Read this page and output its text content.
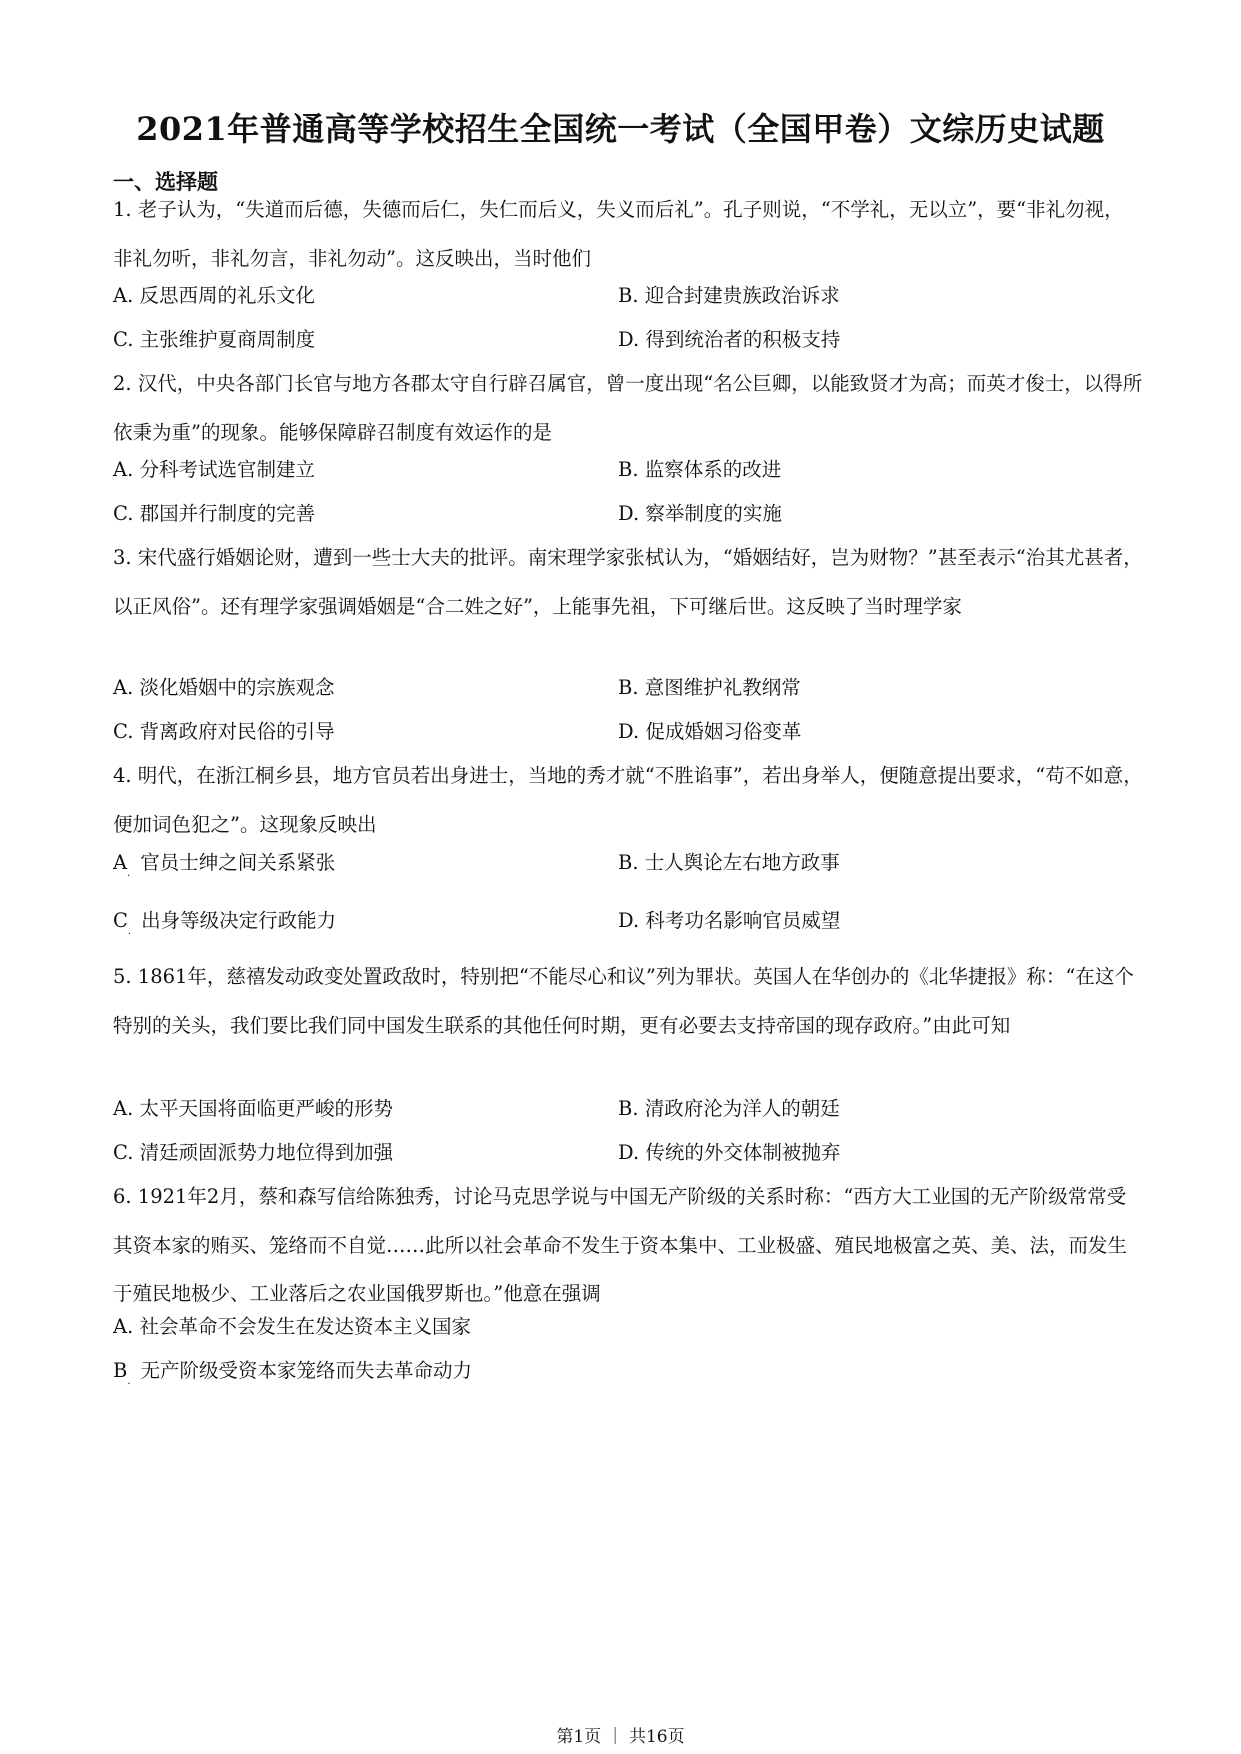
2021年普通高等学校招生全国统一考试（全国甲卷）文综历史试题
一、选择题
1. 老子认为，“失道而后德，失德而后仁，失仁而后义，失义而后礼”。孔子则说，“不学礼，无以立”，要“非礼勿视，非礼勿听，非礼勿言，非礼勿动”。这反映出，当时他们
A. 反思西周的礼乐文化	B. 迎合封建贵族政治诉求
C. 主张维护夏商周制度	D. 得到统治者的积极支持
2. 汉代，中央各部门长官与地方各郡太守自行辟召属官，曾一度出现“名公巨卿，以能致贤才为高；而英才俊士，以得所依秉为重”的现象。能够保障辟召制度有效运作的是
A. 分科考试选官制建立	B. 监察体系的改进
C. 郡国并行制度的完善	D. 察举制度的实施
3. 宋代盛行婚姻论财，遭到一些士大夫的批评。南宋理学家张栻认为，“婚姻结好，岂为财物？”甚至表示“治其尤甚者，以正风俗”。还有理学家强调婚姻是“合二姓之好”，上能事先祖，下可继后世。这反映了当时理学家
A. 淡化婚姻中的宗族观念	B. 意图维护礼教纲常
C. 背离政府对民俗的引导	D. 促成婚姻习俗变革
4. 明代，在浙江桐乡县，地方官员若出身进士，当地的秀才就“不胜谄事”，若出身举人，便随意提出要求，“苟不如意，便加词色犯之”。这现象反映出
$A_\cdot$官员士绅之间关系紧张	B. 士人舆论左右地方政事
$C_\cdot$出身等级决定行政能力	D. 科考功名影响官员威望
5. 1861年，慈禧发动政变处置政敌时，特别把“不能尽心和议”列为罪状。英国人在华创办的《北华捷报》称：“在这个特别的关头，我们要比我们同中国发生联系的其他任何时期，更有必要去支持帝国的现存政府。”由此可知
A. 太平天国将面临更严峻的形势	B. 清政府沦为洋人的朝廷
C. 清廷顽固派势力地位得到加强	D. 传统的外交体制被抛弃
6. 1921年2月，蔡和森写信给陈独秀，讨论马克思学说与中国无产阶级的关系时称：“西方大工业国的无产阶级常常受其资本家的贿买、笼络而不自觉……此所以社会革命不发生于资本集中、工业极盛、殖民地极富之英、美、法，而发生于殖民地极少、工业落后之农业国俄罗斯也。”他意在强调
A. 社会革命不会发生在发达资本主义国家
$B_\cdot$无产阶级受资本家笼络而失去革命动力
第1页 ｜ 共16页
